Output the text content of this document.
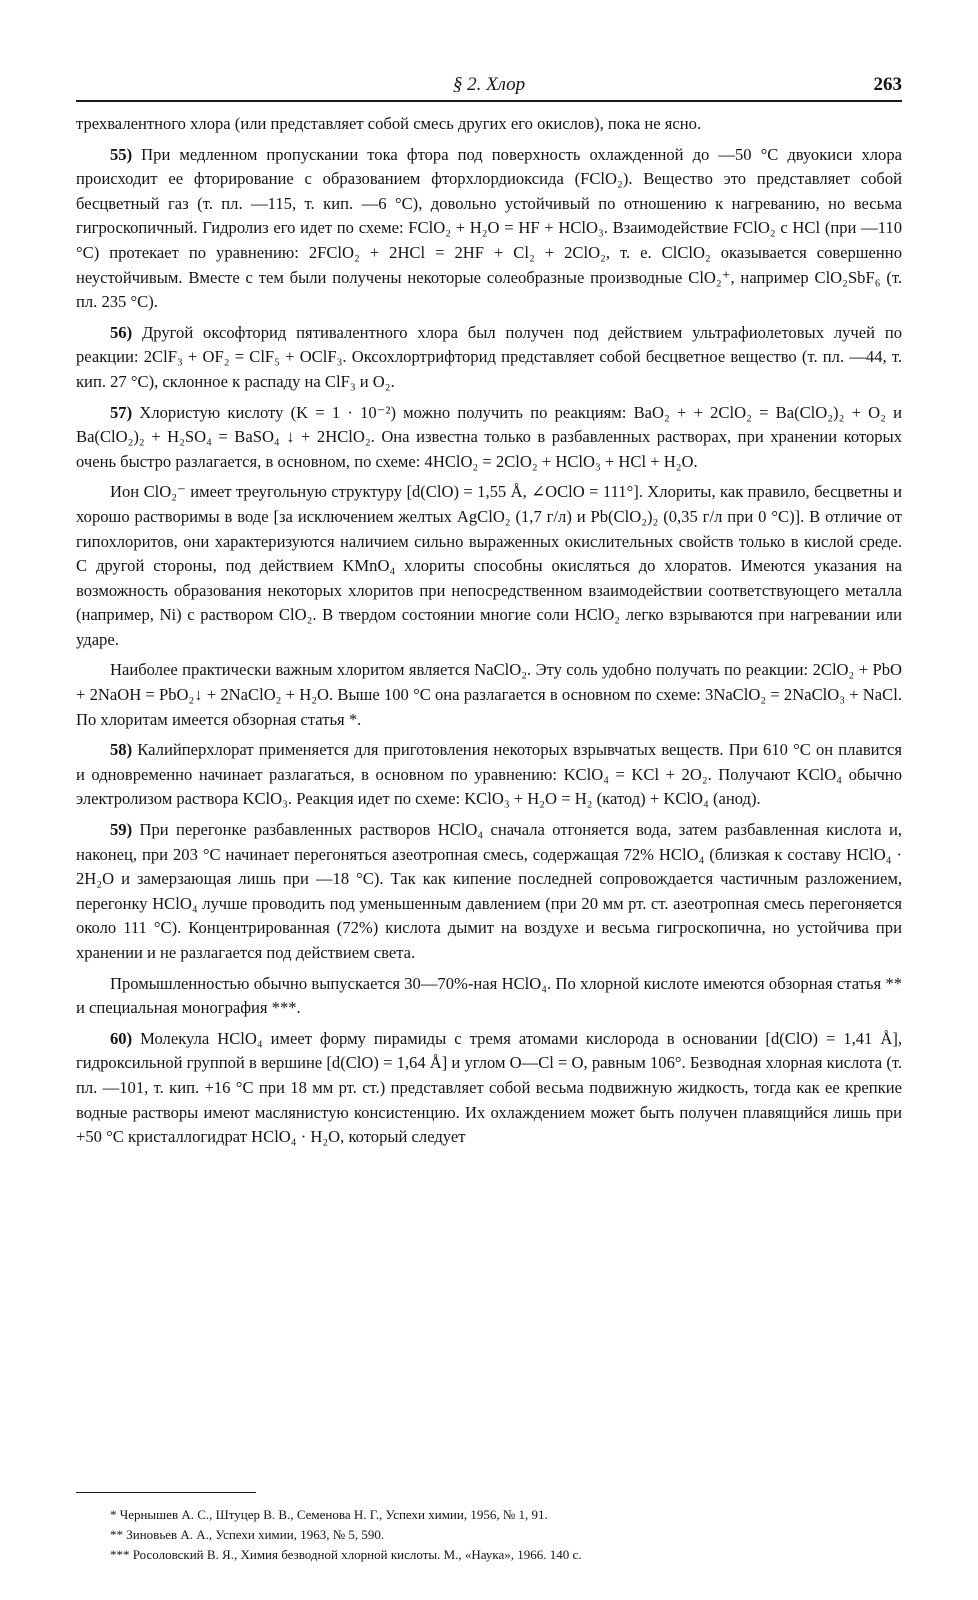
§ 2. Хлор	263

трехвалентного хлора (или представляет собой смесь других его окислов), пока не ясно.

55) При медленном пропускании тока фтора под поверхность охлажденной до —50 °С двуокиси хлора происходит ее фторирование с образованием фторхлордиоксида (FClO₂). Вещество это представляет собой бесцветный газ (т. пл. —115, т. кип. —6 °С), довольно устойчивый по отношению к нагреванию, но весьма гигроскопичный. Гидролиз его идет по схеме: FClO₂ + H₂O = HF + HClO₃. Взаимодействие FClO₂ с HCl (при —110 °С) протекает по уравнению: 2FClO₂ + 2HCl = 2HF + Cl₂ + 2ClO₂, т. е. ClClO₂ оказывается совершенно неустойчивым. Вместе с тем были получены некоторые солеобразные производные ClO₂⁺, например ClO₂SbF₆ (т. пл. 235 °С).

56) Другой оксофторид пятивалентного хлора был получен под действием ультрафиолетовых лучей по реакции: 2ClF₃ + OF₂ = ClF₅ + OClF₃. Оксохлортрифторид представляет собой бесцветное вещество (т. пл. —44, т. кип. 27 °С), склонное к распаду на ClF₃ и O₂.

57) Хлористую кислоту (K = 1 · 10⁻²) можно получить по реакциям: BaO₂ + + 2ClO₂ = Ba(ClO₂)₂ + O₂ и Ba(ClO₂)₂ + H₂SO₄ = BaSO₄ ↓ + 2HClO₂. Она известна только в разбавленных растворах, при хранении которых очень быстро разлагается, в основном, по схеме: 4HClO₂ = 2ClO₂ + HClO₃ + HCl + H₂O.

Ион ClO₂⁻ имеет треугольную структуру [d(ClO) = 1,55 Å, ∠OClO = 111°]. Хлориты, как правило, бесцветны и хорошо растворимы в воде [за исключением желтых AgClO₂ (1,7 г/л) и Pb(ClO₂)₂ (0,35 г/л при 0 °С)]. В отличие от гипохлоритов, они характеризуются наличием сильно выраженных окислительных свойств только в кислой среде. С другой стороны, под действием KMnO₄ хлориты способны окисляться до хлоратов. Имеются указания на возможность образования некоторых хлоритов при непосредственном взаимодействии соответствующего металла (например, Ni) с раствором ClO₂. В твердом состоянии многие соли HClO₂ легко взрываются при нагревании или ударе.

Наиболее практически важным хлоритом является NaClO₂. Эту соль удобно получать по реакции: 2ClO₂ + PbO + 2NaOH = PbO₂↓ + 2NaClO₂ + H₂O. Выше 100 °С она разлагается в основном по схеме: 3NaClO₂ = 2NaClO₃ + NaCl. По хлоритам имеется обзорная статья *.

58) Калийперхлорат применяется для приготовления некоторых взрывчатых веществ. При 610 °С он плавится и одновременно начинает разлагаться, в основном по уравнению: KClO₄ = KCl + 2O₂. Получают KClO₄ обычно электролизом раствора KClO₃. Реакция идет по схеме: KClO₃ + H₂O = H₂ (катод) + KClO₄ (анод).

59) При перегонке разбавленных растворов HClO₄ сначала отгоняется вода, затем разбавленная кислота и, наконец, при 203 °С начинает перегоняться азеотропная смесь, содержащая 72% HClO₄ (близкая к составу HClO₄ · 2H₂O и замерзающая лишь при —18 °С). Так как кипение последней сопровождается частичным разложением, перегонку HClO₄ лучше проводить под уменьшенным давлением (при 20 мм рт. ст. азеотропная смесь перегоняется около 111 °С). Концентрированная (72%) кислота дымит на воздухе и весьма гигроскопична, но устойчива при хранении и не разлагается под действием света.

Промышленностью обычно выпускается 30—70%-ная HClO₄. По хлорной кислоте имеются обзорная статья ** и специальная монография ***.

60) Молекула HClO₄ имеет форму пирамиды с тремя атомами кислорода в основании [d(ClO) = 1,41 Å], гидроксильной группой в вершине [d(ClO) = 1,64 Å] и углом O—Cl = O, равным 106°. Безводная хлорная кислота (т. пл. —101, т. кип. +16 °С при 18 мм рт. ст.) представляет собой весьма подвижную жидкость, тогда как ее крепкие водные растворы имеют маслянистую консистенцию. Их охлаждением может быть получен плавящийся лишь при +50 °С кристаллогидрат HClO₄ · H₂O, который следует

* Чернышев А. С., Штуцер В. В., Семенова Н. Г., Успехи химии, 1956, № 1, 91.

** Зиновьев А. А., Успехи химии, 1963, № 5, 590.

*** Росоловский В. Я., Химия безводной хлорной кислоты. М., «Наука», 1966. 140 с.
